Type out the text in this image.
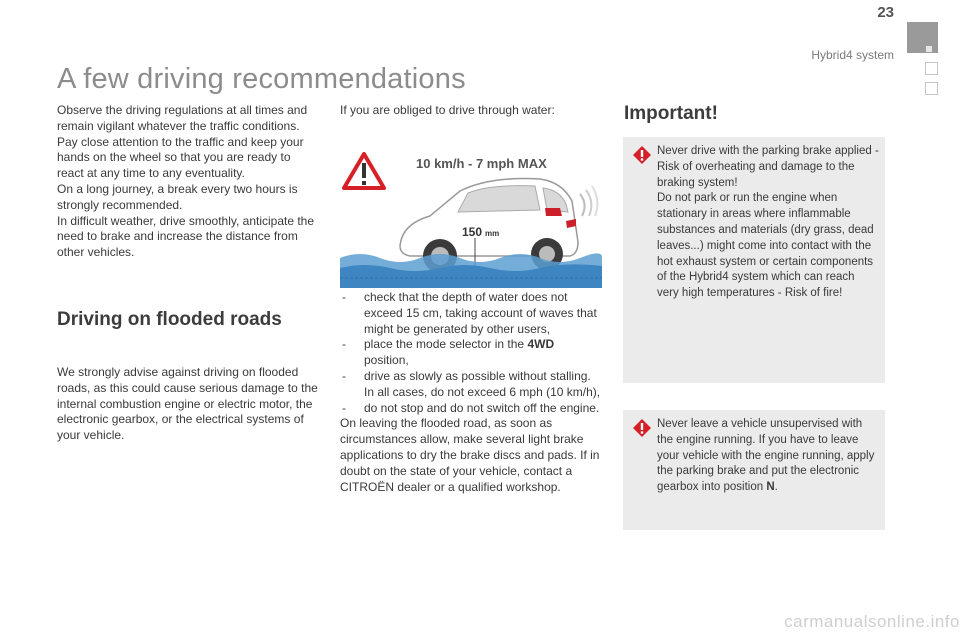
23
Hybrid4 system
A few driving recommendations

Observe the driving regulations at all times and remain vigilant whatever the traffic conditions.

Pay close attention to the traffic and keep your hands on the wheel so that you are ready to react at any time to any eventuality.

On a long journey, a break every two hours is strongly recommended.

In difficult weather, drive smoothly, anticipate the need to brake and increase the distance from other vehicles.

Driving on flooded roads

We strongly advise against driving on flooded roads, as this could cause serious damage to the internal combustion engine or electric motor, the electronic gearbox, or the electrical systems of your vehicle.

If you are obliged to drive through water:

10 km/h - 7 mph MAX
150 mm
- check that the depth of water does not exceed 15 cm, taking account of waves that might be generated by other users,
- place the mode selector in the 4WD position,
- drive as slowly as possible without stalling. In all cases, do not exceed 6 mph (10 km/h),
- do not stop and do not switch off the engine.

On leaving the flooded road, as soon as circumstances allow, make several light brake applications to dry the brake discs and pads. If in doubt on the state of your vehicle, contact a CITROËN dealer or a qualified workshop.

Important!

Never drive with the parking brake applied - Risk of overheating and damage to the braking system!

Do not park or run the engine when stationary in areas where inflammable substances and materials (dry grass, dead leaves...) might come into contact with the hot exhaust system or certain components of the Hybrid4 system which can reach very high temperatures - Risk of fire!

Never leave a vehicle unsupervised with the engine running. If you have to leave your vehicle with the engine running, apply the parking brake and put the electronic gearbox into position N.

carmanualsonline.info
